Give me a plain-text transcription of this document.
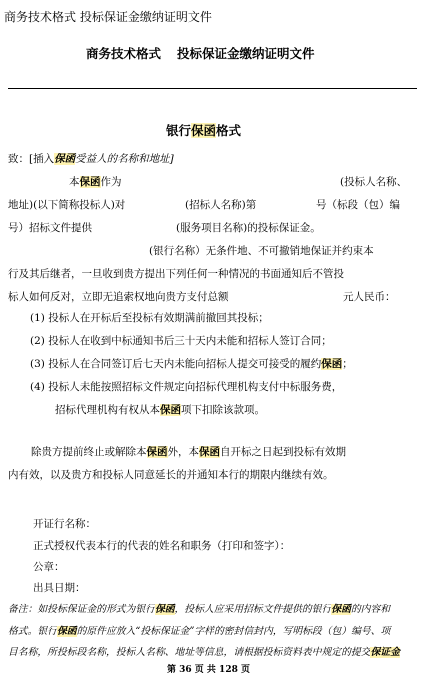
商务技术格式 投标保证金缴纳证明文件
商务技术格式 投标保证金缴纳证明文件
银行保函格式
致：[插入保函受益人的名称和地址]
本保函作为	(投标人名称、
地址)(以下简称投标人)对	(招标人名称)第	号（标段（包）编
号）招标文件提供	(服务项目名称)的投标保证金。
(银行名称）无条件地、不可撤销地保证并约束本
行及其后继者，一旦收到贵方提出下列任何一种情况的书面通知后不管投
标人如何反对，立即无追索权地向贵方支付总额	元人民币：
(1) 投标人在开标后至投标有效期满前撤回其投标；
(2) 投标人在收到中标通知书后三十天内未能和招标人签订合同；
(3) 投标人在合同签订后七天内未能向招标人提交可接受的履约保函；
(4) 投标人未能按照招标文件规定向招标代理机构支付中标服务费，
招标代理机构有权从本保函项下扣除该款项。
除贵方提前终止或解除本保函外，本保函自开标之日起到投标有效期
内有效，以及贵方和投标人同意延长的并通知本行的期限内继续有效。
开证行名称：
正式授权代表本行的代表的姓名和职务（打印和签字）：
公章：
出具日期：
备注：如投标保证金的形式为银行保函，投标人应采用招标文件提供的银行保函的内容和
格式。银行保函的原件应放入“投标保证金”字样的密封信封内，写明标段（包）编号、项
目名称，所投标段名称，投标人名称、地址等信息，请根据投标资料表中规定的提交保证金
第 36 页 共 128 页
